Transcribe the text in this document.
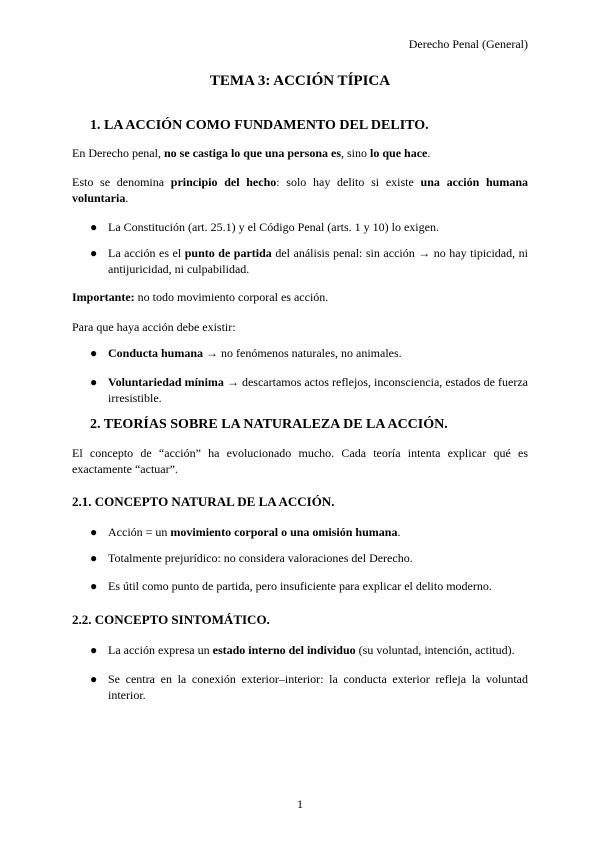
Derecho Penal (General)
TEMA 3: ACCIÓN TÍPICA
1. LA ACCIÓN COMO FUNDAMENTO DEL DELITO.
En Derecho penal, no se castiga lo que una persona es, sino lo que hace.
Esto se denomina principio del hecho: solo hay delito si existe una acción humana voluntaria.
● La Constitución (art. 25.1) y el Código Penal (arts. 1 y 10) lo exigen.
● La acción es el punto de partida del análisis penal: sin acción → no hay tipicidad, ni antijuricidad, ni culpabilidad.
Importante: no todo movimiento corporal es acción.
Para que haya acción debe existir:
● Conducta humana → no fenómenos naturales, no animales.
● Voluntariedad mínima → descartamos actos reflejos, inconsciencia, estados de fuerza irresistible.
2. TEORÍAS SOBRE LA NATURALEZA DE LA ACCIÓN.
El concepto de “acción” ha evolucionado mucho. Cada teoría intenta explicar qué es exactamente “actuar”.
2.1. CONCEPTO NATURAL DE LA ACCIÓN.
● Acción = un movimiento corporal o una omisión humana.
● Totalmente prejurídico: no considera valoraciones del Derecho.
● Es útil como punto de partida, pero insuficiente para explicar el delito moderno.
2.2. CONCEPTO SINTOMÁTICO.
● La acción expresa un estado interno del individuo (su voluntad, intención, actitud).
● Se centra en la conexión exterior–interior: la conducta exterior refleja la voluntad interior.
1
